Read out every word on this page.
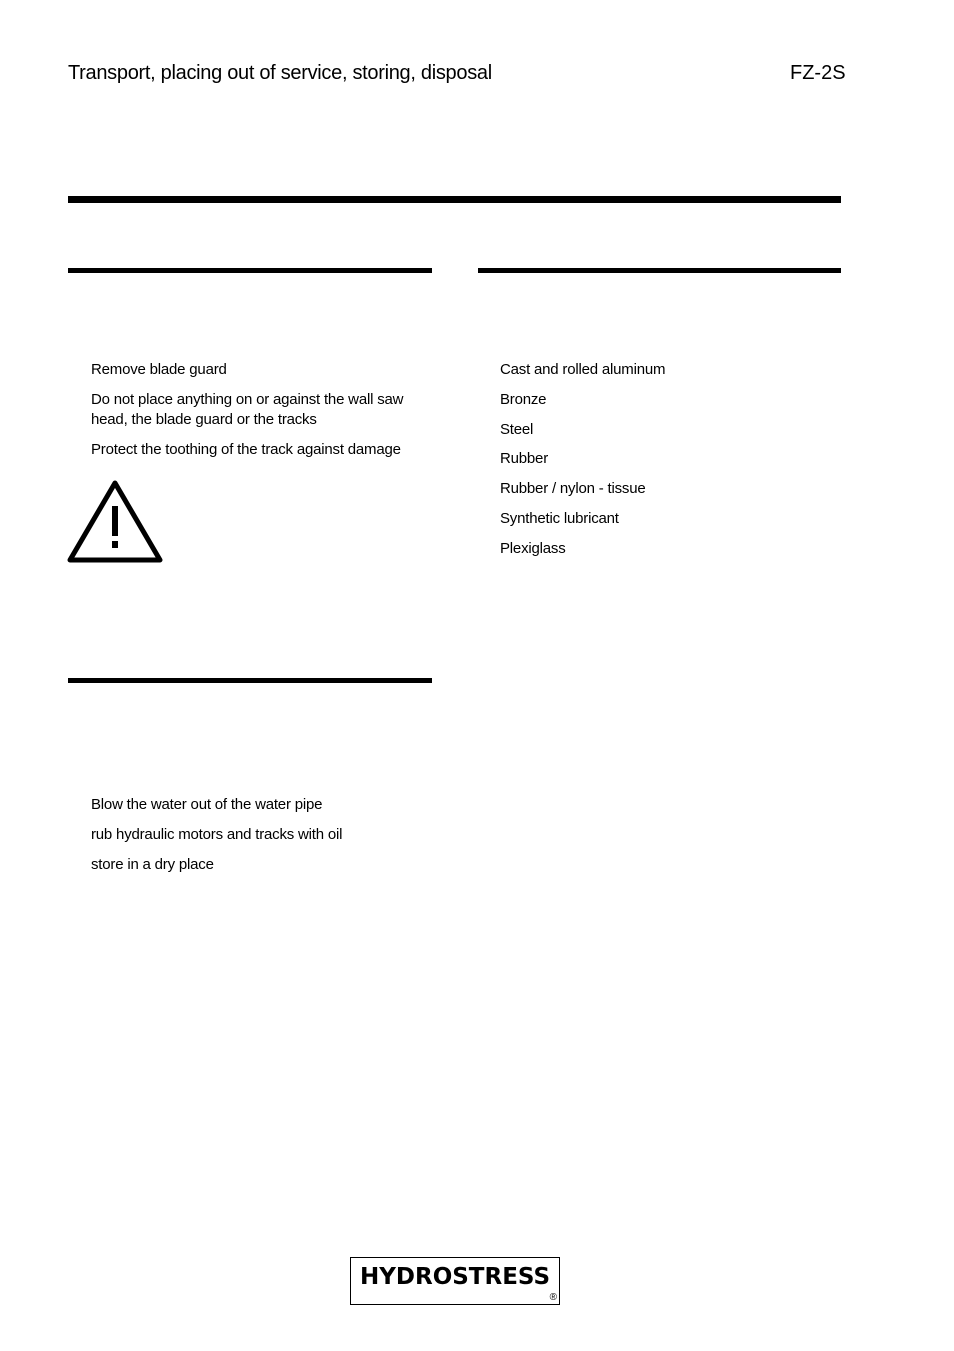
Transport, placing out of service, storing, disposal	FZ-2S
Remove blade guard
Do not place anything on or against the wall saw
head, the blade guard or the tracks
Protect the toothing of the track against damage
Cast and rolled aluminum
Bronze
Steel
Rubber
Rubber / nylon - tissue
Synthetic lubricant
Plexiglass
Blow the water out of the water pipe
rub hydraulic motors and tracks with oil
store in a dry place
HYDROSTRESS
®
